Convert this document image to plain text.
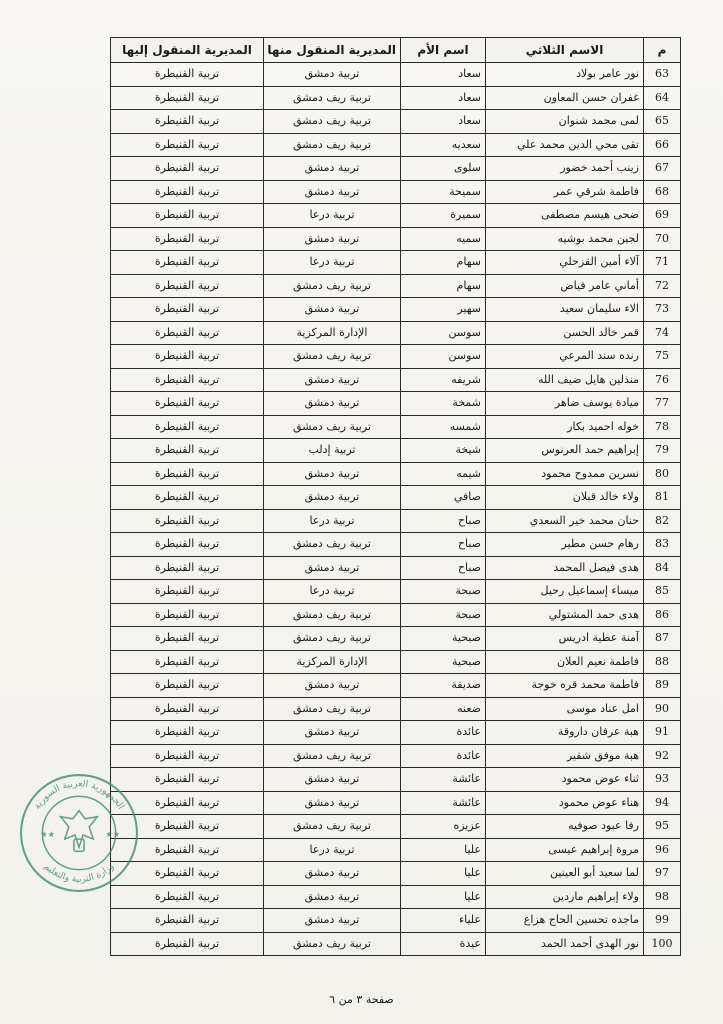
م	الاسم الثلاثي	اسم الأم	المديرية المنقول منها	المديرية المنقول إليها
63	نور عامر بولاد	سعاد	تربية دمشق	تربية القنيطرة
64	غفران حسن المعاون	سعاد	تربية ريف دمشق	تربية القنيطرة
65	لمى محمد شنوان	سعاد	تربية ريف دمشق	تربية القنيطرة
66	تقى محي الدين محمد علي	سعديه	تربية ريف دمشق	تربية القنيطرة
67	زينب أحمد خضور	سلوى	تربية دمشق	تربية القنيطرة
68	فاطمة شرقي عمر	سميحة	تربية دمشق	تربية القنيطرة
69	ضحى هيسم مصطفى	سميرة	تربية درعا	تربية القنيطرة
70	لجين محمد بوشيه	سميه	تربية دمشق	تربية القنيطرة
71	آلاء أمين القزحلي	سهام	تربية درعا	تربية القنيطرة
72	أماني عامر فياض	سهام	تربية ريف دمشق	تربية القنيطرة
73	الاء سليمان سعيد	سهير	تربية دمشق	تربية القنيطرة
74	قمر خالد الحسن	سوسن	الإدارة المركزية	تربية القنيطرة
75	رنده سند المرعي	سوسن	تربية ريف دمشق	تربية القنيطرة
76	منذلين هايل ضيف الله	شريفه	تربية دمشق	تربية القنيطرة
77	ميادة يوسف ضاهر	شمخة	تربية دمشق	تربية القنيطرة
78	خوله احميد بكار	شمسه	تربية ريف دمشق	تربية القنيطرة
79	إبراهيم حمد العرنوس	شيخة	تربية إدلب	تربية القنيطرة
80	نسرين ممدوح محمود	شيمه	تربية دمشق	تربية القنيطرة
81	ولاء خالد قبلان	صافي	تربية دمشق	تربية القنيطرة
82	حنان محمد خير السعدي	صباح	تربية درعا	تربية القنيطرة
83	رهام حسن مطير	صباح	تربية ريف دمشق	تربية القنيطرة
84	هدى فيصل المحمد	صباح	تربية دمشق	تربية القنيطرة
85	ميساء إسماعيل رحيل	صبحة	تربية درعا	تربية القنيطرة
86	هدى حمد المشتولي	صبحة	تربية ريف دمشق	تربية القنيطرة
87	آمنة عطية ادريس	صبحية	تربية ريف دمشق	تربية القنيطرة
88	فاطمة نعيم العلان	صبحية	الإدارة المركزية	تربية القنيطرة
89	فاطمة محمد قره خوجة	صديقة	تربية دمشق	تربية القنيطرة
90	امل عناد موسى	ضعنه	تربية ريف دمشق	تربية القنيطرة
91	هبة عرفان داروقة	عائدة	تربية دمشق	تربية القنيطرة
92	هبة موفق شقير	عائدة	تربية ريف دمشق	تربية القنيطرة
93	ثناء عوض محمود	عائشة	تربية دمشق	تربية القنيطرة
94	هناء عوض محمود	عائشة	تربية دمشق	تربية القنيطرة
95	رفا عبود صوفيه	عزيزه	تربية ريف دمشق	تربية القنيطرة
96	مروة إبراهيم عيسى	عليا	تربية درعا	تربية القنيطرة
97	لما سعيد أبو العينين	عليا	تربية دمشق	تربية القنيطرة
98	ولاء إبراهيم ماردين	عليا	تربية دمشق	تربية القنيطرة
99	ماجده تحسين الحاج هزاع	علياء	تربية دمشق	تربية القنيطرة
100	نور الهدى أحمد الحمد	عيدة	تربية ريف دمشق	تربية القنيطرة
الجمهورية العربية السورية
وزارة التربية والتعليم
★★	★★
صفحة ٣ من ٦
